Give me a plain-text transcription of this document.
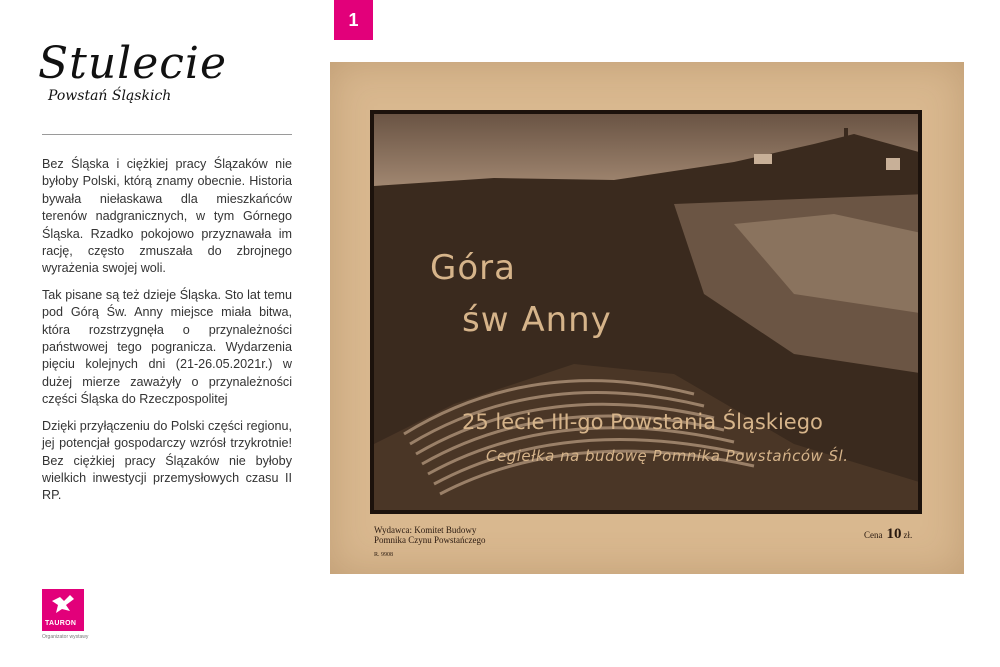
Stulecie
Powstań Śląskich

Bez Śląska i ciężkiej pracy Ślązaków nie byłoby Polski, którą znamy obecnie. Historia bywała niełaskawa dla mieszkańców terenów nadgranicznych, w tym Górnego Śląska. Rzadko pokojowo przyznawała im rację, często zmuszała do zbrojnego wyrażenia swojej woli.

Tak pisane są też dzieje Śląska. Sto lat temu pod Górą Św. Anny miejsce miała bitwa, która rozstrzygnęła o przynależności państwowej tego pogranicza. Wydarzenia pięciu kolejnych dni (21-26.05.2021r.) w dużej mierze zaważyły o przynależności części Śląska do Rzeczpospolitej

Dzięki przyłączeniu do Polski części regionu, jej potencjał gospodarczy wzrósł trzykrotnie! Bez ciężkiej pracy Ślązaków nie byłoby wielkich inwestycji przemysłowych czasu II RP.

TAURON
Organizator wystawy
1
Góra
św Anny
25 lecie III-go Powstania Śląskiego
Cegiełka na budowę Pomnika Powstańców Śl.
Wydawca: Komitet Budowy
Pomnika Czynu Powstańczego
R. 9908
Cena 10 zł.
